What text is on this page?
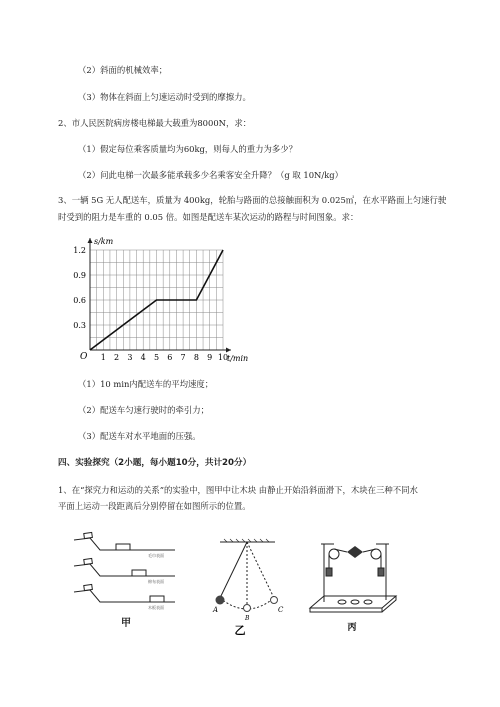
（2）斜面的机械效率；
（3）物体在斜面上匀速运动时受到的摩擦力。
2、市人民医院病房楼电梯最大载重为8000N，求：
（1）假定每位乘客质量均为60kg，则每人的重力为多少？
（2）问此电梯一次最多能承载多少名乘客安全升降？（g 取 10N/kg）
3、一辆 5G 无人配送车，质量为 400kg，轮胎与路面的总接触面积为 0.025㎡，在水平路面上匀速行驶
时受到的阻力是车重的 0.05 倍。如图是配送车某次运动的路程与时间图象。求：
1 2 3 4 5 6 7 8 9 10
0.3
0.6
0.9
1.2
s/km
t/min
O
（1）10 min内配送车的平均速度；
（2）配送车匀速行驶时的牵引力；
（3）配送车对水平地面的压强。
四、实验探究（2小题，每小题10分，共计20分）
1、在“探究力和运动的关系”的实验中，图甲中让木块 由静止开始沿斜面滑下，木块在三种不同水
平面上运动一段距离后分别停留在如图所示的位置。
毛巾表面
棉布表面
木板表面
甲
A
B
C
乙	丙
